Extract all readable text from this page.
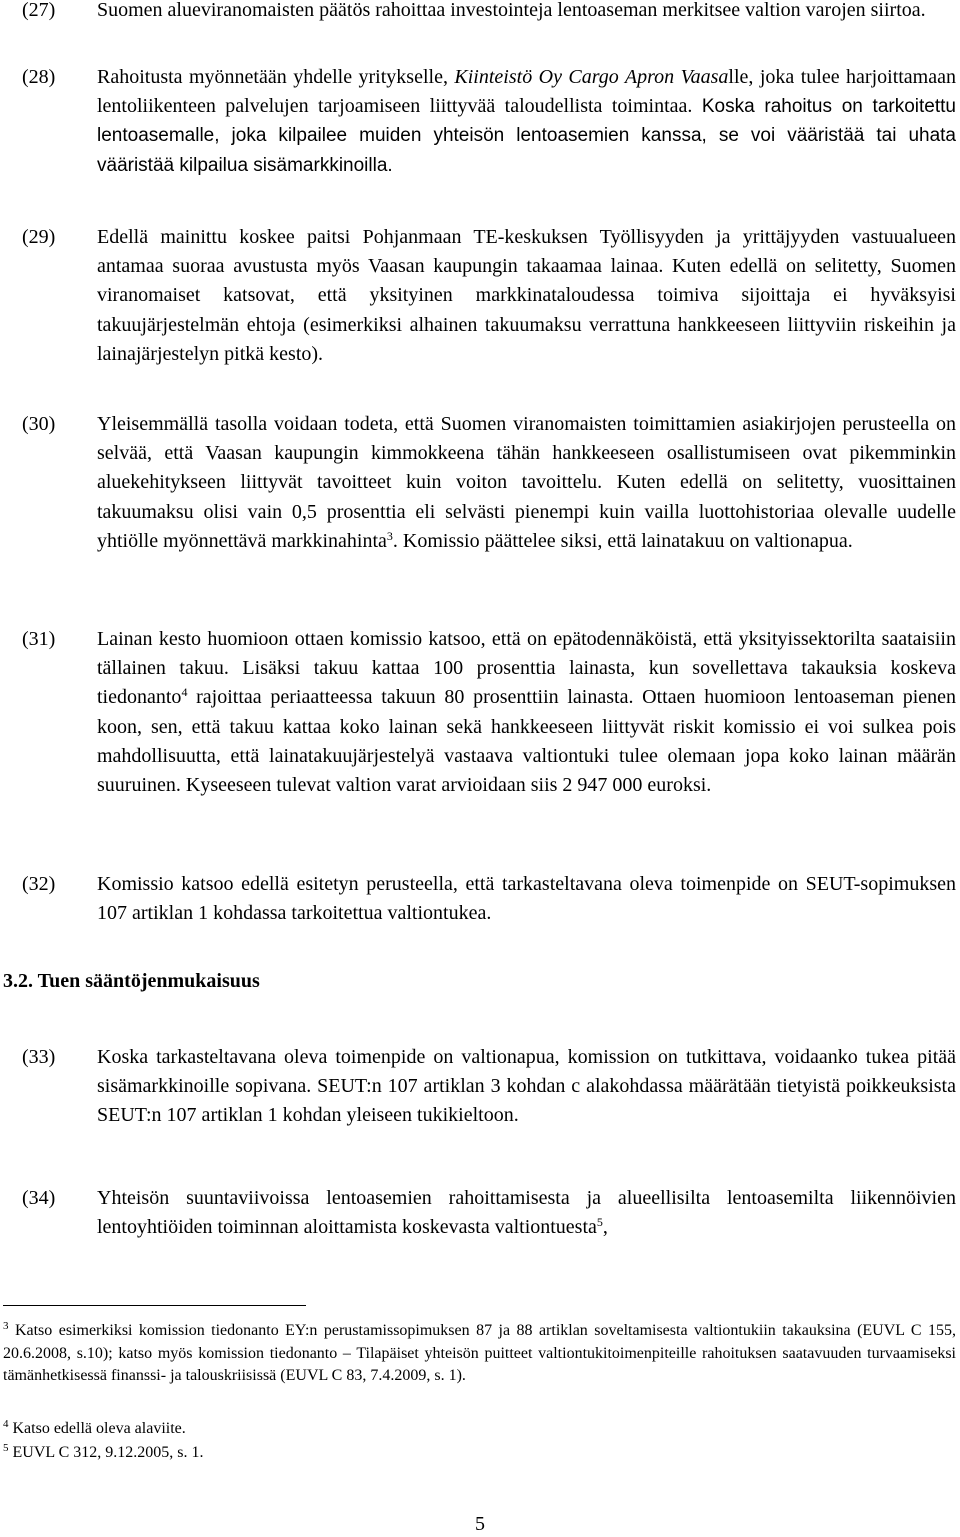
(27) Suomen alueviranomaisten päätös rahoittaa investointeja lentoaseman merkitsee valtion varojen siirtoa.
(28) Rahoitusta myönnetään yhdelle yritykselle, Kiinteistö Oy Cargo Apron Vaasalle, joka tulee harjoittamaan lentoliikenteen palvelujen tarjoamiseen liittyvää taloudellista toimintaa. Koska rahoitus on tarkoitettu lentoasemalle, joka kilpailee muiden yhteisön lentoasemien kanssa, se voi vääristää tai uhata vääristää kilpailua sisämarkkinoilla.
(29) Edellä mainittu koskee paitsi Pohjanmaan TE-keskuksen Työllisyyden ja yrittäjyyden vastuualueen antamaa suoraa avustusta myös Vaasan kaupungin takaamaa lainaa. Kuten edellä on selitetty, Suomen viranomaiset katsovat, että yksityinen markkinataloudessa toimiva sijoittaja ei hyväksyisi takuujärjestelmän ehtoja (esimerkiksi alhainen takuumaksu verrattuna hankkeeseen liittyviin riskeihin ja lainajärjestelyn pitkä kesto).
(30) Yleisemmällä tasolla voidaan todeta, että Suomen viranomaisten toimittamien asiakirjojen perusteella on selvää, että Vaasan kaupungin kimmokkeena tähän hankkeeseen osallistumiseen ovat pikemminkin aluekehitykseen liittyvät tavoitteet kuin voiton tavoittelu. Kuten edellä on selitetty, vuosittainen takuumaksu olisi vain 0,5 prosenttia eli selvästi pienempi kuin vailla luottohistoriaa olevalle uudelle yhtiölle myönnettävä markkinahinta$^3$. Komissio päättelee siksi, että lainatakuu on valtionapua.
(31) Lainan kesto huomioon ottaen komissio katsoo, että on epätodennäköistä, että yksityissektorilta saataisiin tällainen takuu. Lisäksi takuu kattaa 100 prosenttia lainasta, kun sovellettava takauksia koskeva tiedonanto$^4$ rajoittaa periaatteessa takuun 80 prosenttiin lainasta. Ottaen huomioon lentoaseman pienen koon, sen, että takuu kattaa koko lainan sekä hankkeeseen liittyvät riskit komissio ei voi sulkea pois mahdollisuutta, että lainatakuujärjestelyä vastaava valtiontuki tulee olemaan jopa koko lainan määrän suuruinen. Kyseeseen tulevat valtion varat arvioidaan siis 2 947 000 euroksi.
(32) Komissio katsoo edellä esitetyn perusteella, että tarkasteltavana oleva toimenpide on SEUT-sopimuksen 107 artiklan 1 kohdassa tarkoitettua valtiontukea.
3.2. Tuen sääntöjenmukaisuus
(33) Koska tarkasteltavana oleva toimenpide on valtionapua, komission on tutkittava, voidaanko tukea pitää sisämarkkinoille sopivana. SEUT:n 107 artiklan 3 kohdan c alakohdassa määrätään tietyistä poikkeuksista SEUT:n 107 artiklan 1 kohdan yleiseen tukikieltoon.
(34) Yhteisön suuntaviivoissa lentoasemien rahoittamisesta ja alueellisilta lentoasemilta liikennöivien lentoyhtiöiden toiminnan aloittamista koskevasta valtiontuesta$^5$,
$^3$ Katso esimerkiksi komission tiedonanto EY:n perustamissopimuksen 87 ja 88 artiklan soveltamisesta valtiontukiin takauksina (EUVL C 155, 20.6.2008, s.10); katso myös komission tiedonanto – Tilapäiset yhteisön puitteet valtiontukitoimenpiteille rahoituksen saatavuuden turvaamiseksi tämänhetkisessä finanssi- ja talouskriisissä (EUVL C 83, 7.4.2009, s. 1).
$^4$ Katso edellä oleva alaviite.
$^5$ EUVL C 312, 9.12.2005, s. 1.
5
